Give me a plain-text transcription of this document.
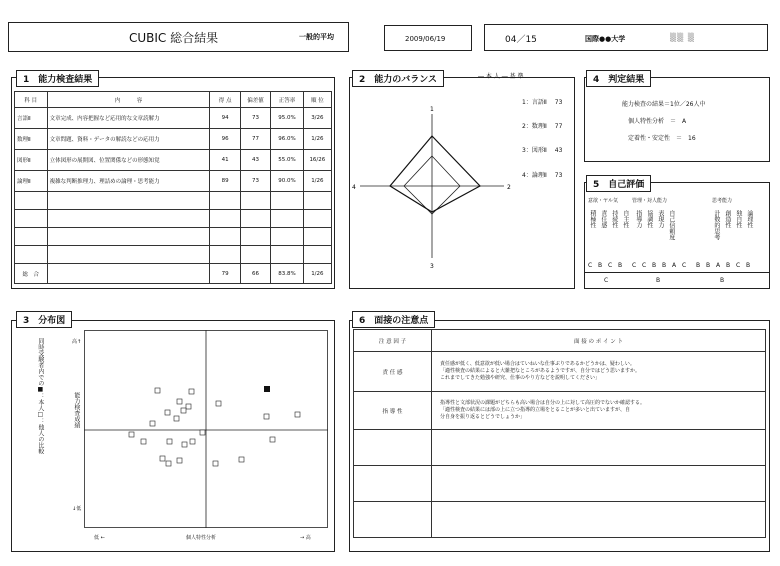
CUBIC 総合結果	一般的平均	2009/06/19	04／15	国際●●大学	▒▒ ▒
1　能力検査結果
科 目	内　　　容	得 点	偏差値	正答率	順 位
言語Ⅱ	文章完成、内容把握など応用的な文章読解力	94	73	95.0%	3/26
数理Ⅱ	文章問題、資料・データの解読などの応用力	96	77	96.0%	1/26
図形Ⅱ	立体図形の展開図、位置関係などの形態知覚	41	43	55.0%	16/26
論理Ⅱ	複雑な判断推理力、理詰めの論理・思考能力	89	73	90.0%	1/26

総　合		79	66	83.8%	1/26
2　能力のバランス	― 本 人 ― 基 準
1
2
3
4
1：言語Ⅱ 73
2：数理Ⅱ 77
3：図形Ⅱ 43
4：論理Ⅱ 73
4　判定結果
能力検査の結果＝1位／26人中
個人特性分析　＝　A
定着性・安定性　＝　16
5　自己評価
意欲・ヤル気	管理・対人能力	思考能力
積極性 責任感 持続性 自主性 指導力 協調性 表現力 自己信頼度	計数的思考 創造性 独自性 論理性
C B C B C C B B A C B B A B C B
C	B	B
3　分布図
同時受験者内での■：本人□：他人の比較	高↑
↓低
能力検査成績
低 ←	個人特性分析	→ 高
6　面接の注意点
注 意 因 子	面 接 の ポ イ ン ト
責 任 感	責任感が低く、低意欲が低い場合はていねいな仕事ぶりであるかどうかは、疑わしい。
「適性検査の結果によると大雑把なところがあるようですが、自分ではどう思いますか。
これまでしてきた勉強や研究、仕事のやり方などを説明してください」

指 導 性	指導性と文部状況の課題がどちらも高い場合は自分の上に対して高圧的でないか確認する。
「適性検査の結果には部の上に立つ指導的立場をとることが多いと出ていますが、自
分自身を振り返るとどうでしょうか」
